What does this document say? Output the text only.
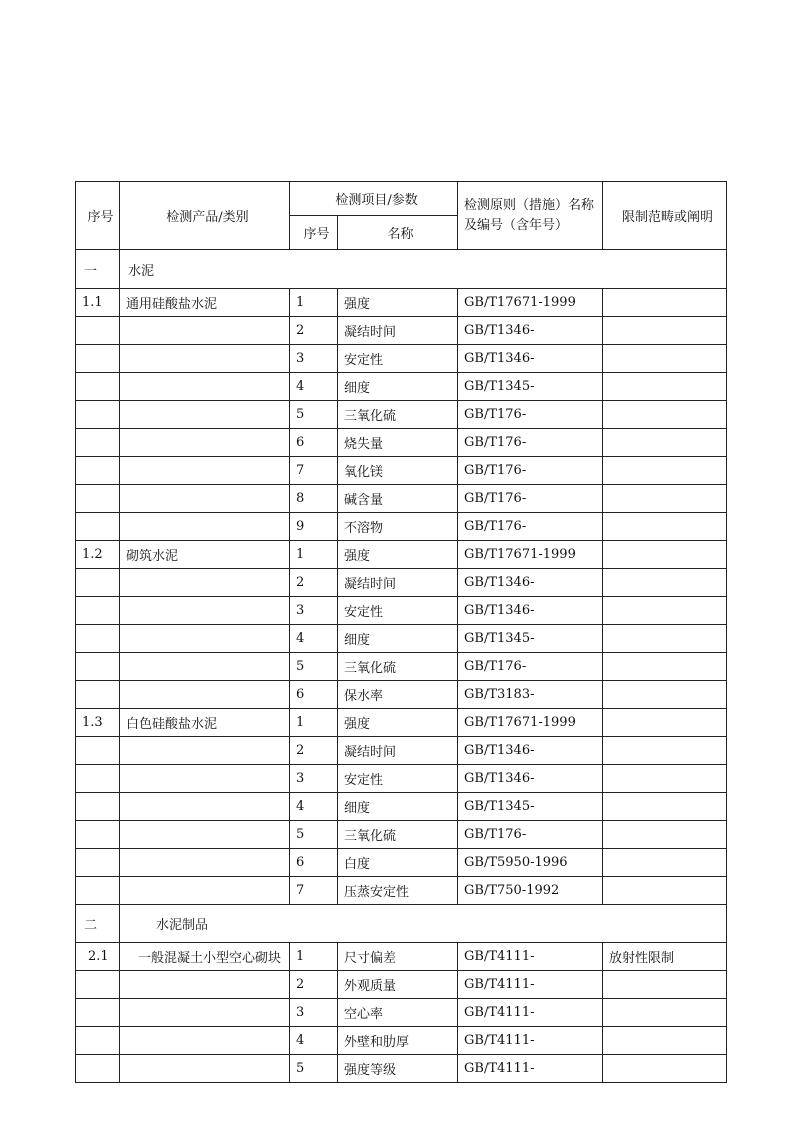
序号	检测产品/类别	检测项目/参数		检测原则（措施）名称及编号（含年号）	限制范畴或阐明
		序号	名称		
一	水泥				
1.1	通用硅酸盐水泥	1	强度	GB/T17671-1999	
		2	凝结时间	GB/T1346-	
		3	安定性	GB/T1346-	
		4	细度	GB/T1345-	
		5	三氧化硫	GB/T176-	
		6	烧失量	GB/T176-	
		7	氧化镁	GB/T176-	
		8	碱含量	GB/T176-	
		9	不溶物	GB/T176-	
1.2	砌筑水泥	1	强度	GB/T17671-1999	
		2	凝结时间	GB/T1346-	
		3	安定性	GB/T1346-	
		4	细度	GB/T1345-	
		5	三氧化硫	GB/T176-	
		6	保水率	GB/T3183-	
1.3	白色硅酸盐水泥	1	强度	GB/T17671-1999	
		2	凝结时间	GB/T1346-	
		3	安定性	GB/T1346-	
		4	细度	GB/T1345-	
		5	三氧化硫	GB/T176-	
		6	白度	GB/T5950-1996	
		7	压蒸安定性	GB/T750-1992	
二	水泥制品				
2.1	一般混凝土小型空心砌块	1	尺寸偏差	GB/T4111-	放射性限制
		2	外观质量	GB/T4111-	
		3	空心率	GB/T4111-	
		4	外壁和肋厚	GB/T4111-	
		5	强度等级	GB/T4111-	
